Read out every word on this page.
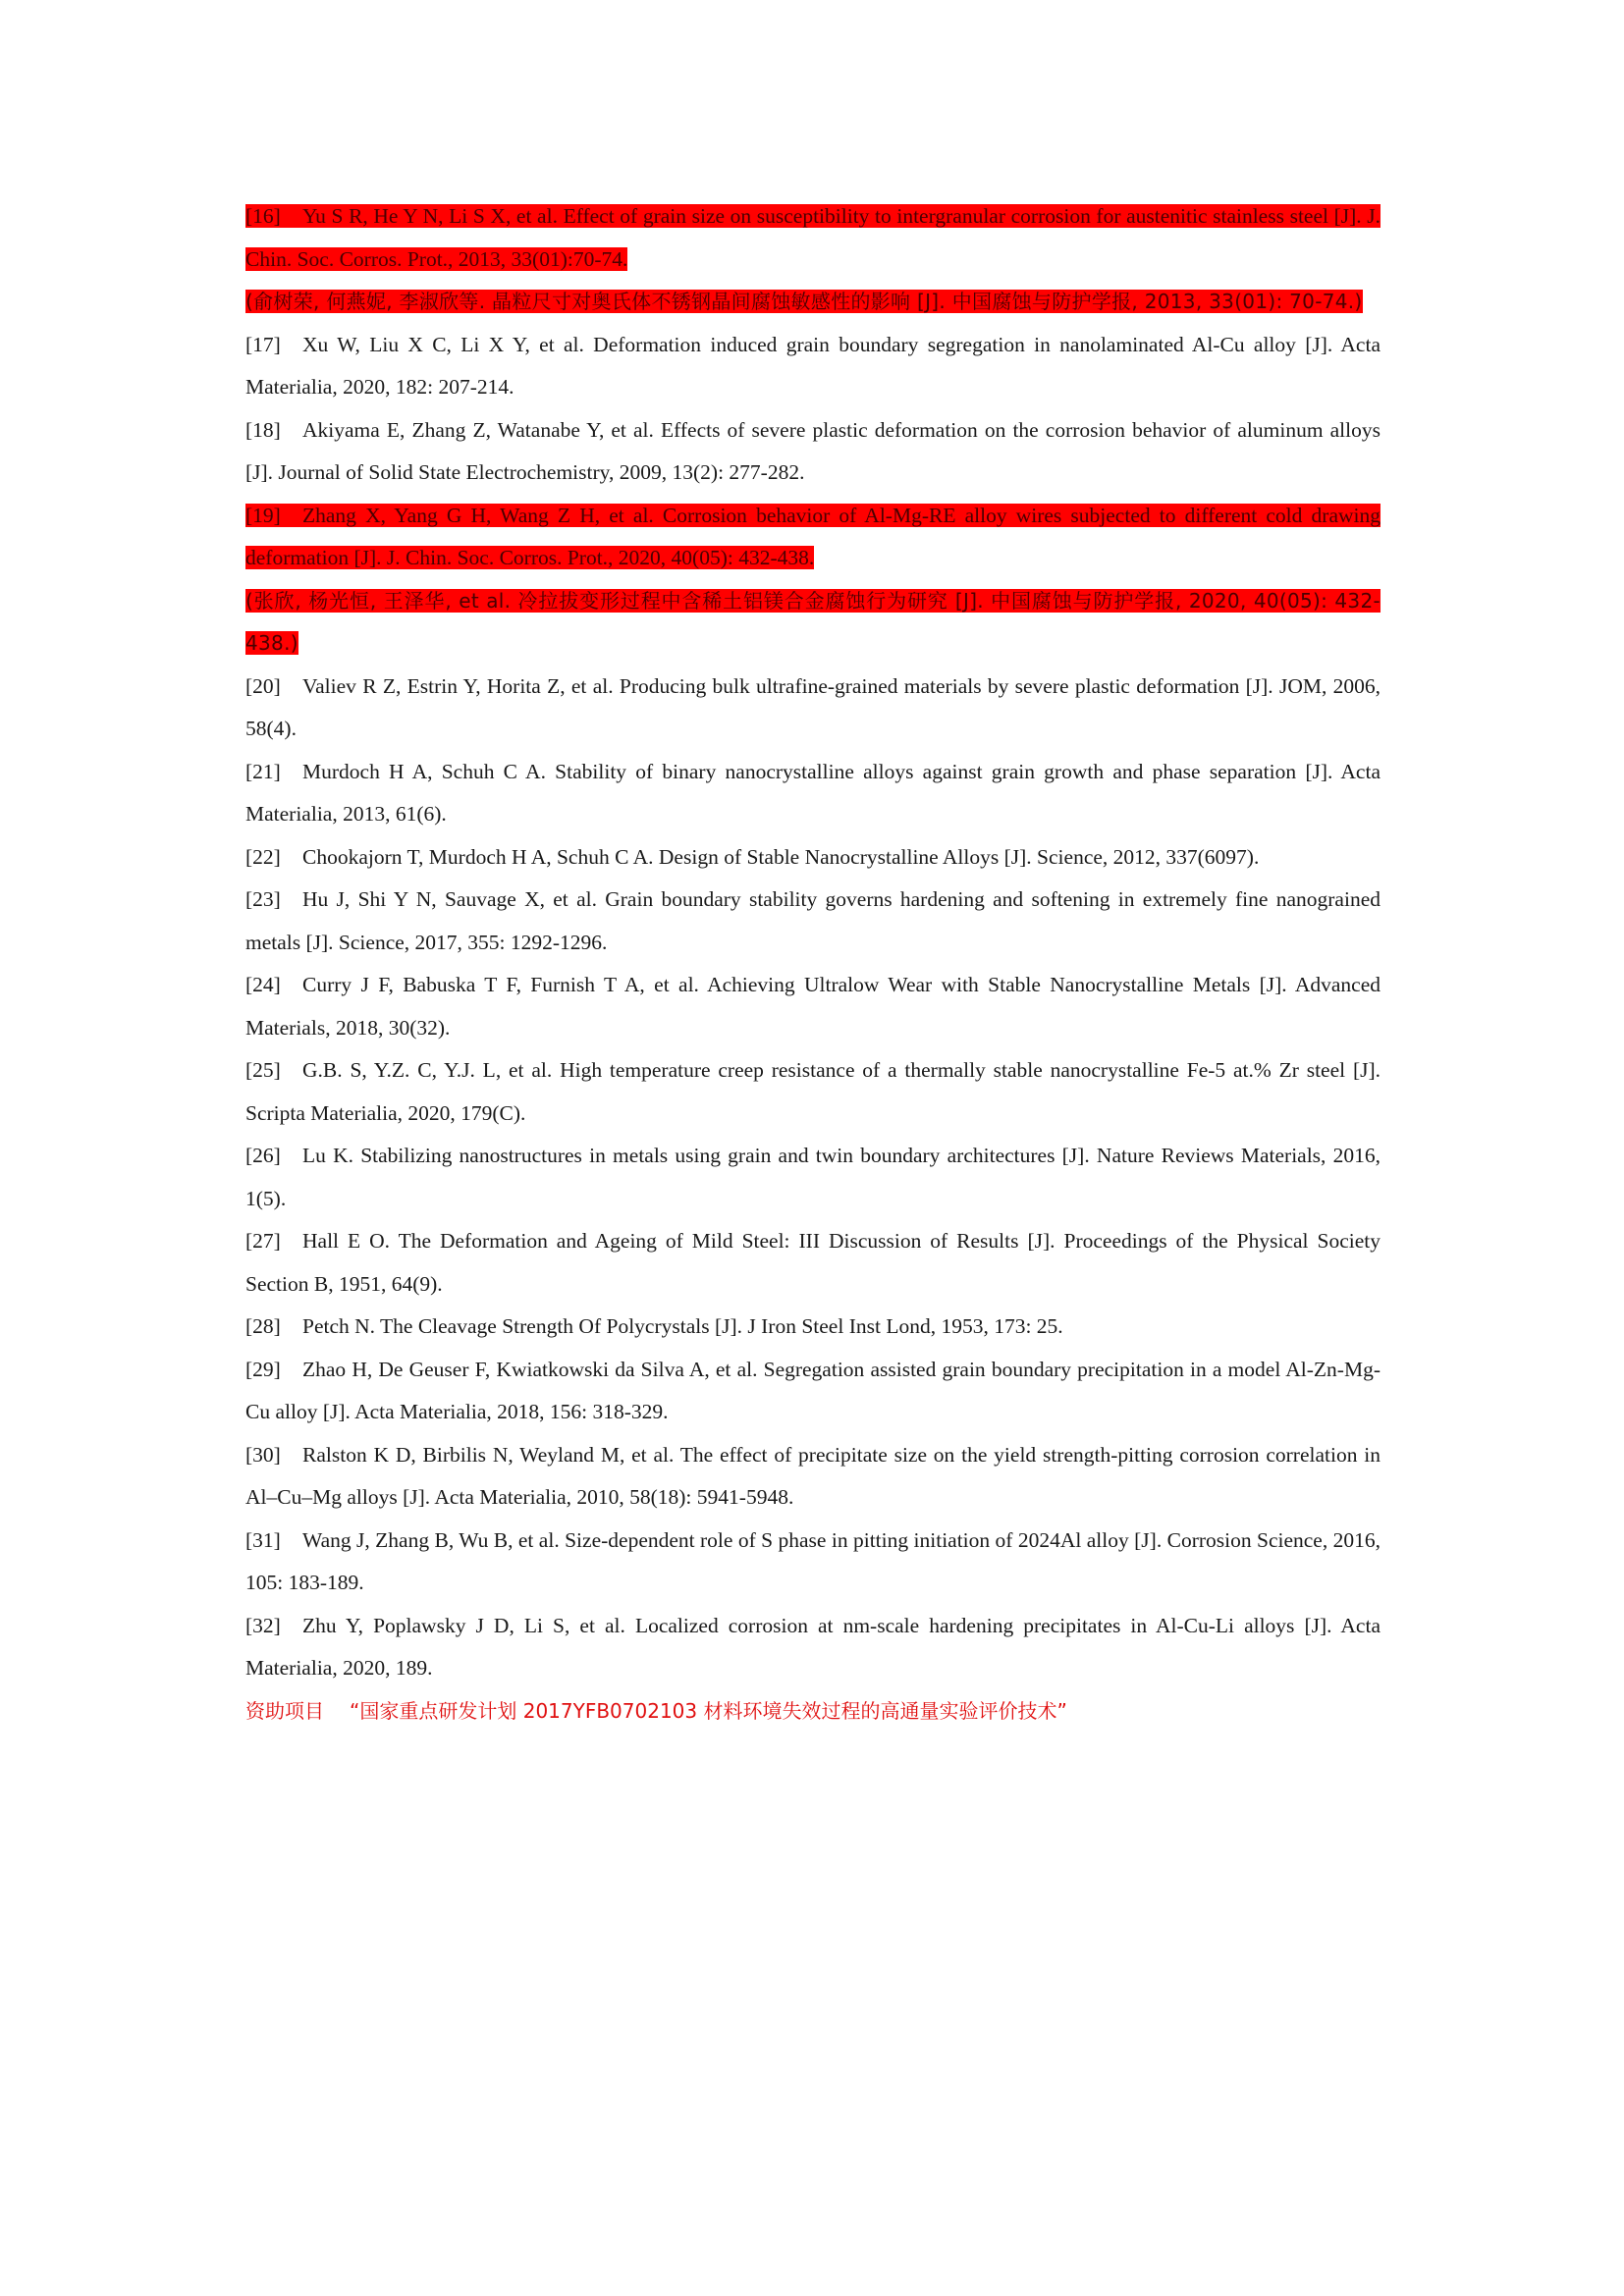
[16] Yu S R, He Y N, Li S X, et al. Effect of grain size on susceptibility to intergranular corrosion for austenitic stainless steel [J]. J. Chin. Soc. Corros. Prot., 2013, 33(01):70-74.

(俞树荣, 何燕妮, 李淑欣等. 晶粒尺寸对奥氏体不锈钢晶间腐蚀敏感性的影响 [J]. 中国腐蚀与防护学报, 2013, 33(01): 70-74.)

[17] Xu W, Liu X C, Li X Y, et al. Deformation induced grain boundary segregation in nanolaminated Al-Cu alloy [J]. Acta Materialia, 2020, 182: 207-214.

[18] Akiyama E, Zhang Z, Watanabe Y, et al. Effects of severe plastic deformation on the corrosion behavior of aluminum alloys [J]. Journal of Solid State Electrochemistry, 2009, 13(2): 277-282.

[19] Zhang X, Yang G H, Wang Z H, et al. Corrosion behavior of Al-Mg-RE alloy wires subjected to different cold drawing deformation [J]. J. Chin. Soc. Corros. Prot., 2020, 40(05): 432-438.

(张欣, 杨光恒, 王泽华, et al. 冷拉拔变形过程中含稀土铝镁合金腐蚀行为研究 [J]. 中国腐蚀与防护学报, 2020, 40(05): 432-438.)

[20] Valiev R Z, Estrin Y, Horita Z, et al. Producing bulk ultrafine-grained materials by severe plastic deformation [J]. JOM, 2006, 58(4).

[21] Murdoch H A, Schuh C A. Stability of binary nanocrystalline alloys against grain growth and phase separation [J]. Acta Materialia, 2013, 61(6).

[22] Chookajorn T, Murdoch H A, Schuh C A. Design of Stable Nanocrystalline Alloys [J]. Science, 2012, 337(6097).

[23] Hu J, Shi Y N, Sauvage X, et al. Grain boundary stability governs hardening and softening in extremely fine nanograined metals [J]. Science, 2017, 355: 1292-1296.

[24] Curry J F, Babuska T F, Furnish T A, et al. Achieving Ultralow Wear with Stable Nanocrystalline Metals [J]. Advanced Materials, 2018, 30(32).

[25] G.B. S, Y.Z. C, Y.J. L, et al. High temperature creep resistance of a thermally stable nanocrystalline Fe-5 at.% Zr steel [J]. Scripta Materialia, 2020, 179(C).

[26] Lu K. Stabilizing nanostructures in metals using grain and twin boundary architectures [J]. Nature Reviews Materials, 2016, 1(5).

[27] Hall E O. The Deformation and Ageing of Mild Steel: III Discussion of Results [J]. Proceedings of the Physical Society Section B, 1951, 64(9).

[28] Petch N. The Cleavage Strength Of Polycrystals [J]. J Iron Steel Inst Lond, 1953, 173: 25.

[29] Zhao H, De Geuser F, Kwiatkowski da Silva A, et al. Segregation assisted grain boundary precipitation in a model Al-Zn-Mg-Cu alloy [J]. Acta Materialia, 2018, 156: 318-329.

[30] Ralston K D, Birbilis N, Weyland M, et al. The effect of precipitate size on the yield strength-pitting corrosion correlation in Al–Cu–Mg alloys [J]. Acta Materialia, 2010, 58(18): 5941-5948.

[31] Wang J, Zhang B, Wu B, et al. Size-dependent role of S phase in pitting initiation of 2024Al alloy [J]. Corrosion Science, 2016, 105: 183-189.

[32] Zhu Y, Poplawsky J D, Li S, et al. Localized corrosion at nm-scale hardening precipitates in Al-Cu-Li alloys [J]. Acta Materialia, 2020, 189.

资助项目 “国家重点研发计划 2017YFB0702103 材料环境失效过程的高通量实验评价技术”
